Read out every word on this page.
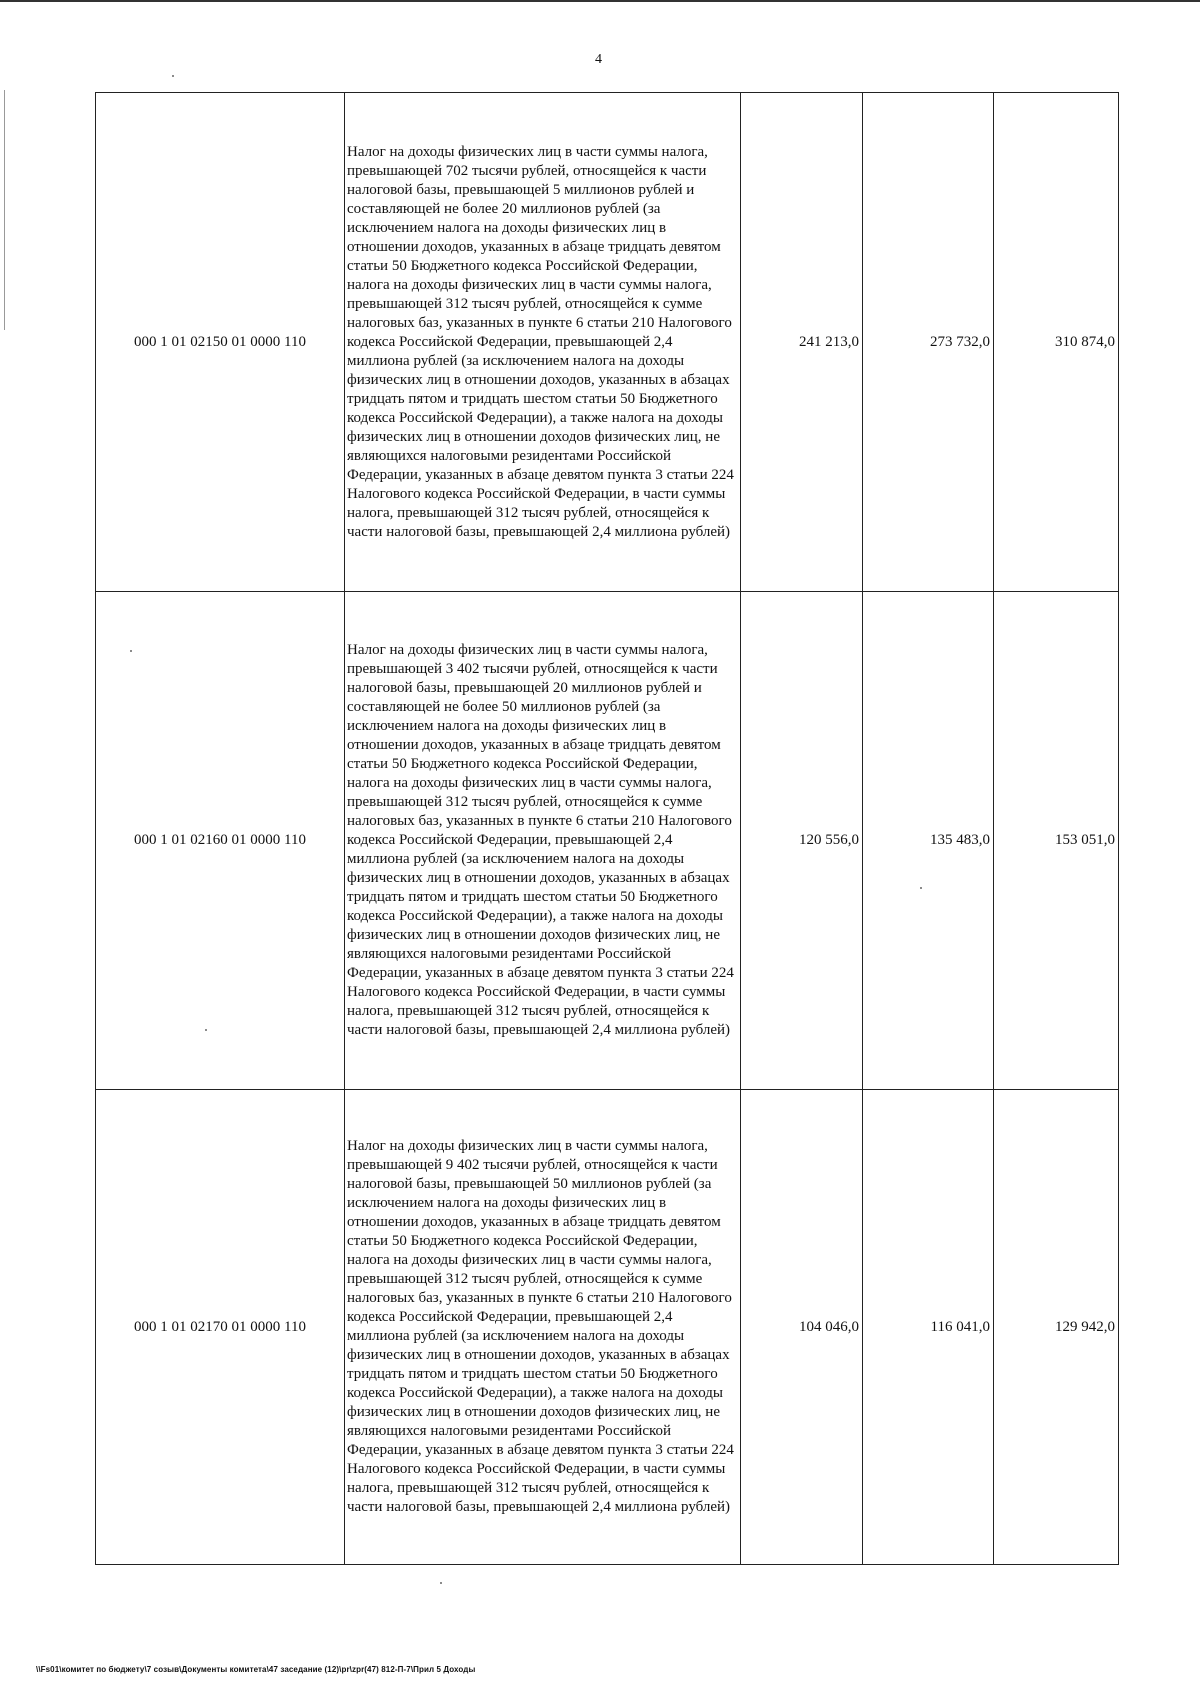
4
000 1 01 02150 01 0000 110	Налог на доходы физических лиц в части суммы налога, превышающей 702 тысячи рублей, относящейся к части налоговой базы, превышающей 5 миллионов рублей и составляющей не более 20 миллионов рублей (за исключением налога на доходы физических лиц в отношении доходов, указанных в абзаце тридцать девятом статьи 50 Бюджетного кодекса Российской Федерации, налога на доходы физических лиц в части суммы налога, превышающей 312 тысяч рублей, относящейся к сумме налоговых баз, указанных в пункте 6 статьи 210 Налогового кодекса Российской Федерации, превышающей 2,4 миллиона рублей (за исключением налога на доходы физических лиц в отношении доходов, указанных в абзацах тридцать пятом и тридцать шестом статьи 50 Бюджетного кодекса Российской Федерации), а также налога на доходы физических лиц в отношении доходов физических лиц, не являющихся налоговыми резидентами Российской Федерации, указанных в абзаце девятом пункта 3 статьи 224 Налогового кодекса Российской Федерации, в части суммы налога, превышающей 312 тысяч рублей, относящейся к части налоговой базы, превышающей 2,4 миллиона рублей)	241 213,0	273 732,0	310 874,0
000 1 01 02160 01 0000 110	Налог на доходы физических лиц в части суммы налога, превышающей 3 402 тысячи рублей, относящейся к части налоговой базы, превышающей 20 миллионов рублей и составляющей не более 50 миллионов рублей (за исключением налога на доходы физических лиц в отношении доходов, указанных в абзаце тридцать девятом статьи 50 Бюджетного кодекса Российской Федерации, налога на доходы физических лиц в части суммы налога, превышающей 312 тысяч рублей, относящейся к сумме налоговых баз, указанных в пункте 6 статьи 210 Налогового кодекса Российской Федерации, превышающей 2,4 миллиона рублей (за исключением налога на доходы физических лиц в отношении доходов, указанных в абзацах тридцать пятом и тридцать шестом статьи 50 Бюджетного кодекса Российской Федерации), а также налога на доходы физических лиц в отношении доходов физических лиц, не являющихся налоговыми резидентами Российской Федерации, указанных в абзаце девятом пункта 3 статьи 224 Налогового кодекса Российской Федерации, в части суммы налога, превышающей 312 тысяч рублей, относящейся к части налоговой базы, превышающей 2,4 миллиона рублей)	120 556,0	135 483,0	153 051,0
000 1 01 02170 01 0000 110	Налог на доходы физических лиц в части суммы налога, превышающей 9 402 тысячи рублей, относящейся к части налоговой базы, превышающей 50 миллионов рублей (за исключением налога на доходы физических лиц в отношении доходов, указанных в абзаце тридцать девятом статьи 50 Бюджетного кодекса Российской Федерации, налога на доходы физических лиц в части суммы налога, превышающей 312 тысяч рублей, относящейся к сумме налоговых баз, указанных в пункте 6 статьи 210 Налогового кодекса Российской Федерации, превышающей 2,4 миллиона рублей (за исключением налога на доходы физических лиц в отношении доходов, указанных в абзацах тридцать пятом и тридцать шестом статьи 50 Бюджетного кодекса Российской Федерации), а также налога на доходы физических лиц в отношении доходов физических лиц, не являющихся налоговыми резидентами Российской Федерации, указанных в абзаце девятом пункта 3 статьи 224 Налогового кодекса Российской Федерации, в части суммы налога, превышающей 312 тысяч рублей, относящейся к части налоговой базы, превышающей 2,4 миллиона рублей)	104 046,0	116 041,0	129 942,0
\\Fs01\комитет по бюджету\7 созыв\Документы комитета\47 заседание (12)\pr\zpr(47) 812-П-7\Прил 5 Доходы
